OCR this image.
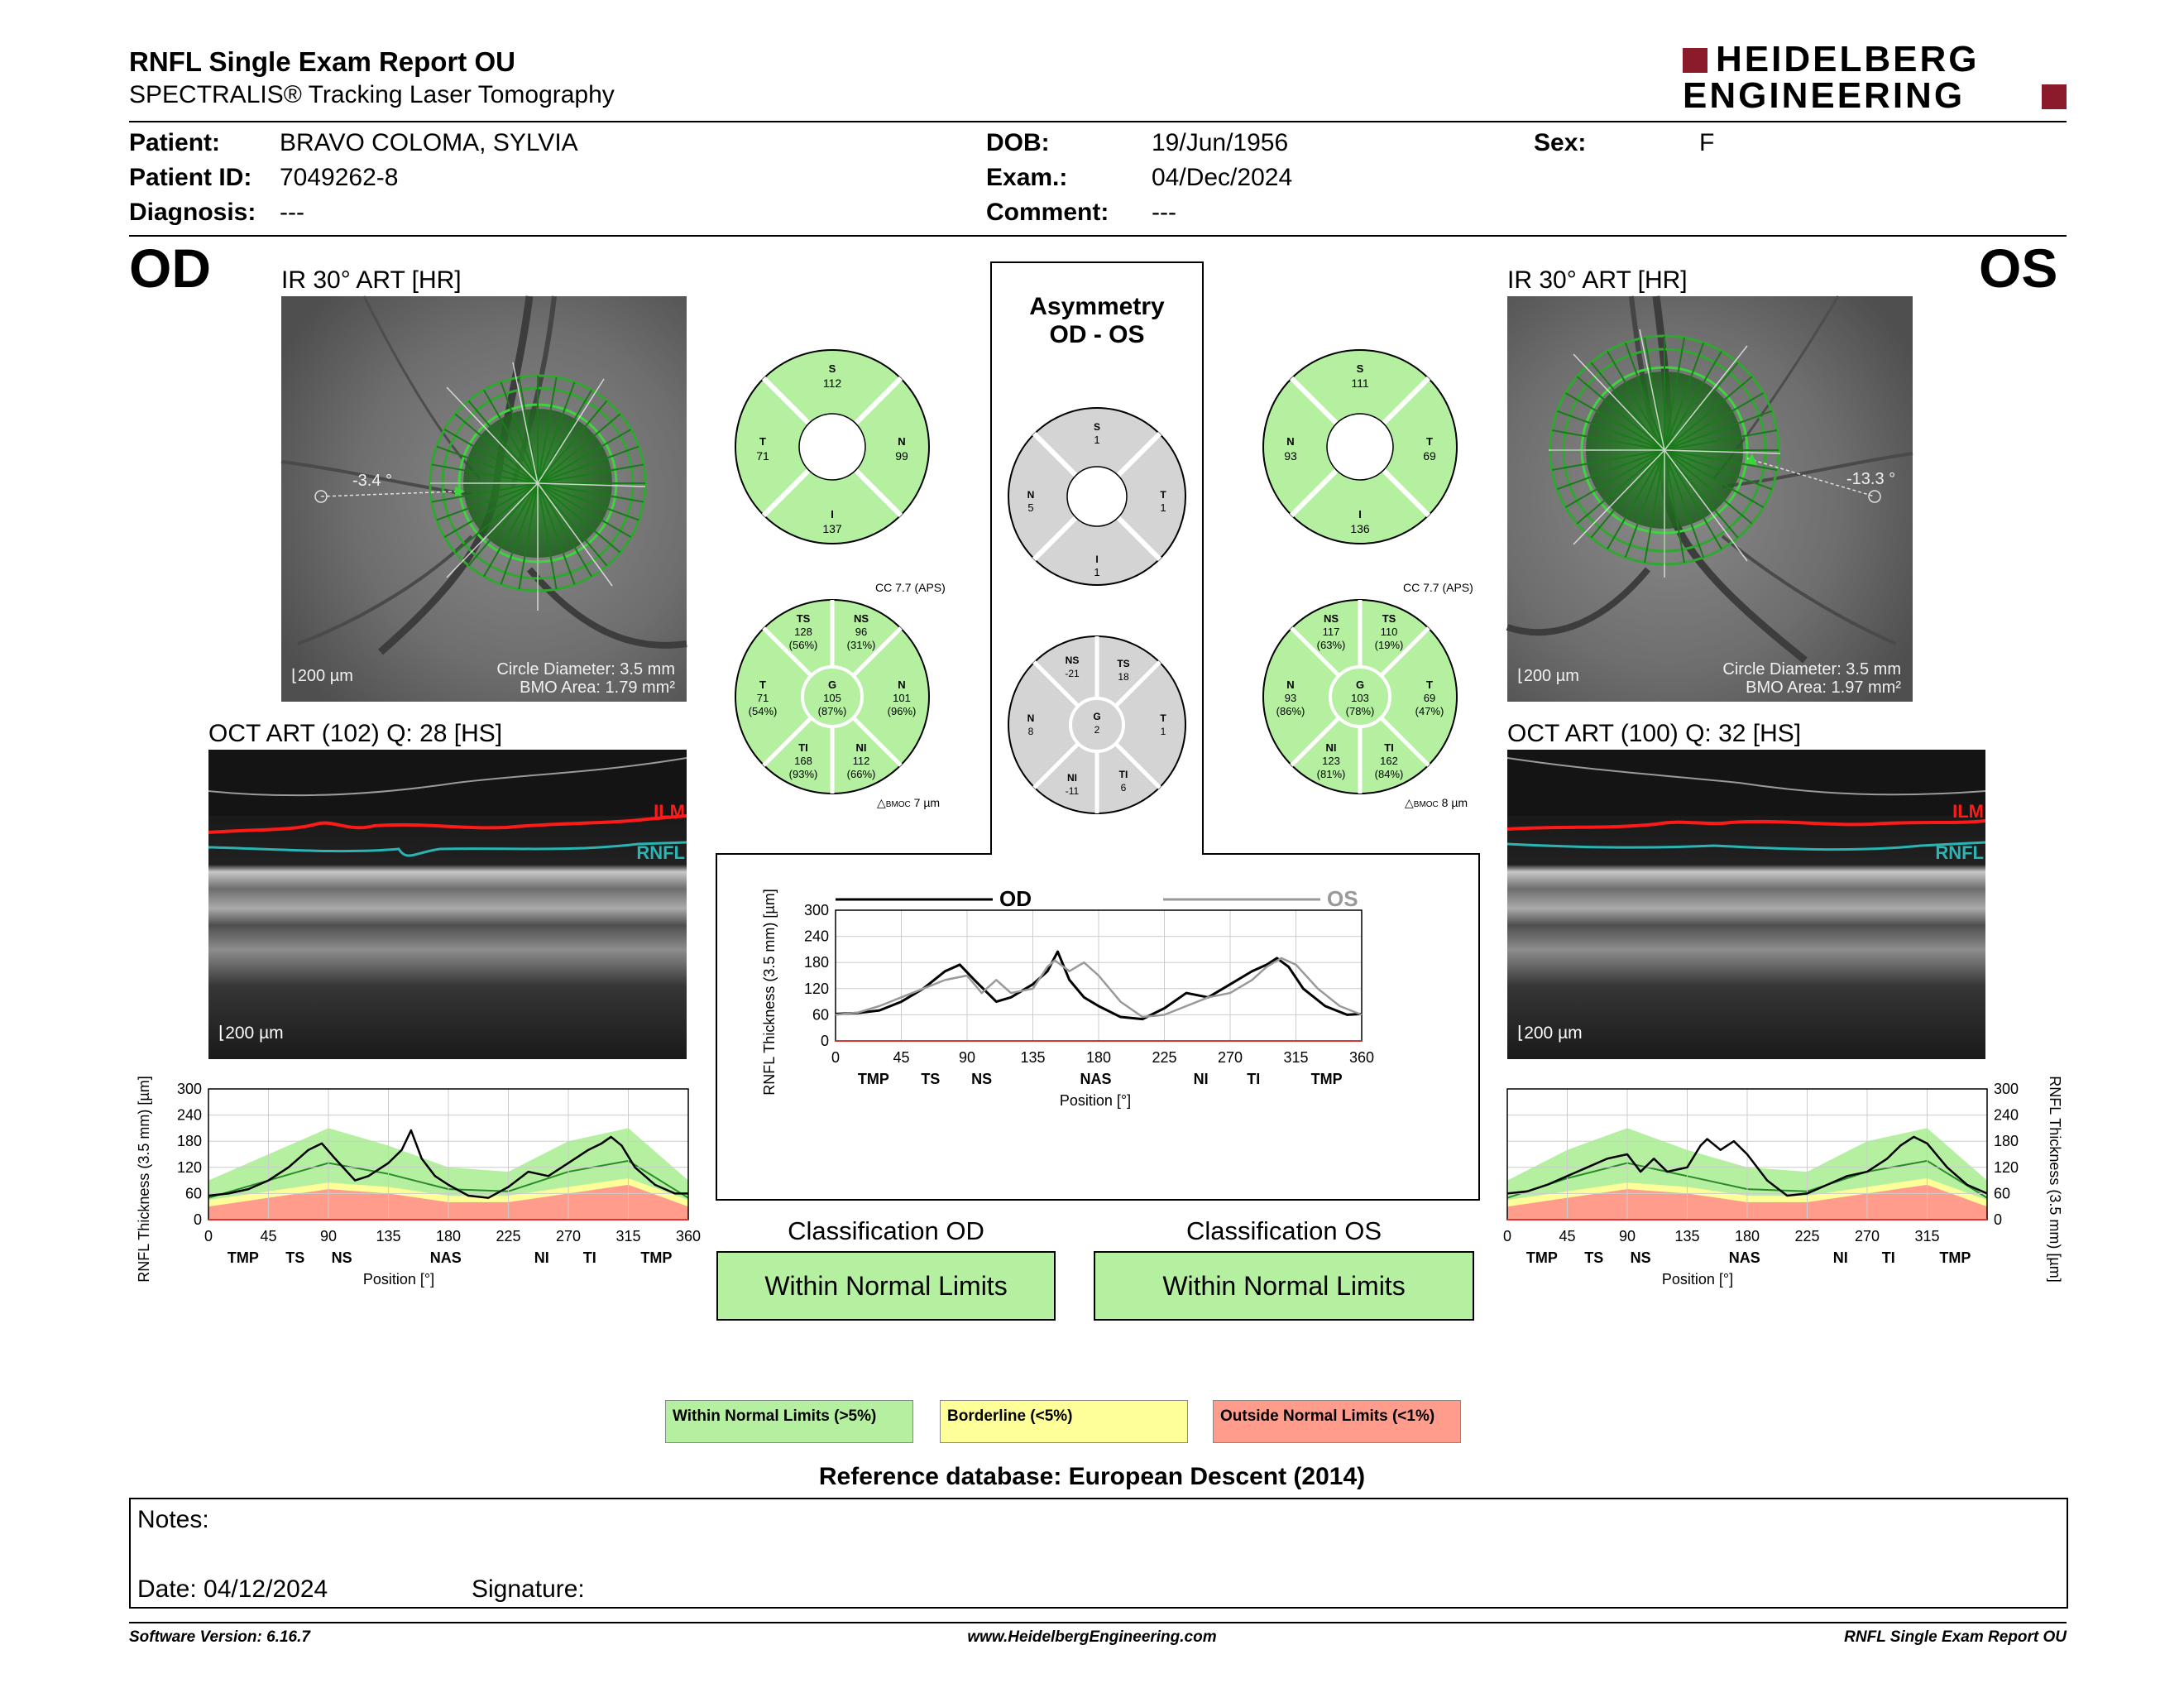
RNFL Single Exam Report OU
SPECTRALIS® Tracking Laser Tomography
HEIDELBERG
ENGINEERING
Patient: BRAVO COLOMA, SYLVIA
Patient ID: 7049262-8
Diagnosis: ---
DOB:	19/Jun/1956
Exam.:	04/Dec/2024
Comment: ---
Sex:	F
OD	OS
IR 30° ART [HR]
-3.4 °
⌊200 µm	Circle Diameter: 3.5 mm
BMO Area: 1.79 mm²
OCT ART (102) Q: 28 [HS]
ILM
RNFL
⌊200 µm
0
60
120
180
240
300
0	45	90	135 180 225 270 315 360
TMP TS NS	NAS	NI TI	TMP
Position [°]
RNFL Thickness (3.5 mm) [µm]
IR 30° ART [HR]
-13.3 °
⌊200 µm	Circle Diameter: 3.5 mm
BMO Area: 1.97 mm²
OCT ART (100) Q: 32 [HS]
ILM
RNFL
⌊200 µm
0
60
120
180
240
300
0	45	90	135 180 225 270 315
TMP TS NS	NAS	NI TI	TMP
Position [°]	RNFL Thickness (3.5 mm) [µm]
Asymmetry
OD - OS
S
112
T
71
N
99
I
137
S
1
N
5
T
1
I
1
S
111
N
93
T
69
I
136
CC 7.7 (APS)
TS
128
(56%)
NS
96
(31%)
T
71
(54%)
G
105
(87%)
N
101
(96%)
TI
168
(93%)
NI
112
(66%)
△BMOC 7 µm
NS
-21
TS
18
N
8
G
2
T
1
NI
-11
TI
6
CC 7.7 (APS)
NS
117
(63%)
TS
110
(19%)
N
93
(86%)
G
103
(78%)
T
69
(47%)
NI
123
(81%)
TI
162
(84%)
△BMOC 8 µm
0
60
120
180
240
300
0	45	90	135	180	225	270	315	360
TMP TS NS	NAS	NI	TI	TMP
Position [°]
RNFL Thickness (3.5 mm) [µm]	OD	OS
Classification OD
Within Normal Limits
Classification OS
Within Normal Limits
Within Normal Limits (>5%)	Borderline (<5%)	Outside Normal Limits (<1%)
Reference database: European Descent (2014)
Notes:
Date: 04/12/2024	Signature:
Software Version: 6.16.7	www.HeidelbergEngineering.com	RNFL Single Exam Report OU
